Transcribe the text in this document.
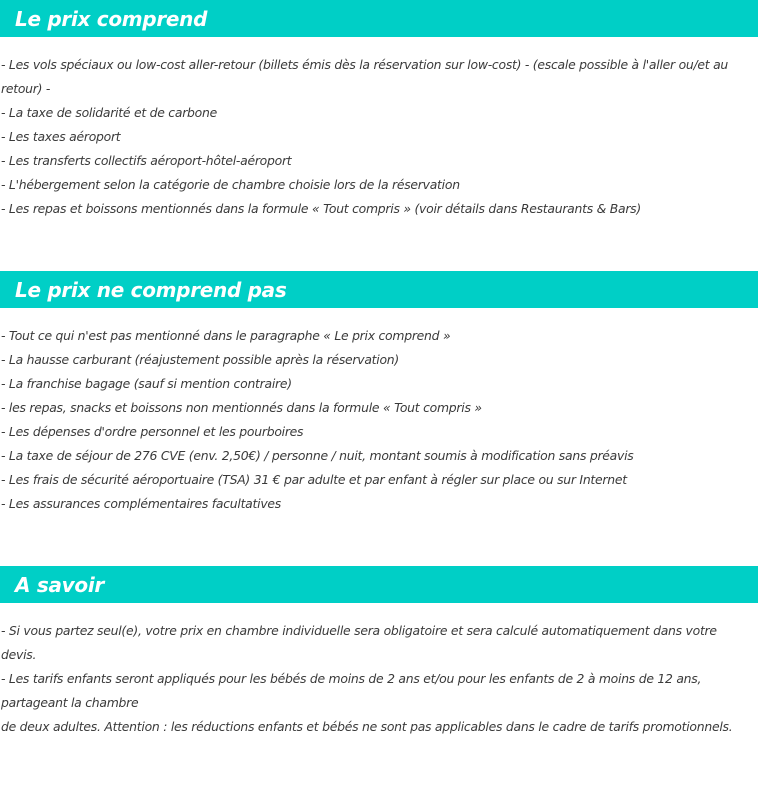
Le prix comprend
- Les vols spéciaux ou low-cost aller-retour (billets émis dès la réservation sur low-cost) - (escale possible à l'aller ou/et au retour) -
- La taxe de solidarité et de carbone
- Les taxes aéroport
- Les transferts collectifs aéroport-hôtel-aéroport
- L'hébergement selon la catégorie de chambre choisie lors de la réservation
- Les repas et boissons mentionnés dans la formule « Tout compris » (voir détails dans Restaurants & Bars)
Le prix ne comprend pas
- Tout ce qui n'est pas mentionné dans le paragraphe « Le prix comprend »
- La hausse carburant (réajustement possible après la réservation)
- La franchise bagage (sauf si mention contraire)
- les repas, snacks et boissons non mentionnés dans la formule « Tout compris »
- Les dépenses d'ordre personnel et les pourboires
- La taxe de séjour de 276 CVE (env. 2,50€) / personne / nuit, montant soumis à modification sans préavis
- Les frais de sécurité aéroportuaire (TSA) 31 € par adulte et par enfant à régler sur place ou sur Internet
- Les assurances complémentaires facultatives
A savoir
- Si vous partez seul(e), votre prix en chambre individuelle sera obligatoire et sera calculé automatiquement dans votre devis.
- Les tarifs enfants seront appliqués pour les bébés de moins de 2 ans et/ou pour les enfants de 2 à moins de 12 ans, partageant la chambre
de deux adultes. Attention : les réductions enfants et bébés ne sont pas applicables dans le cadre de tarifs promotionnels.
